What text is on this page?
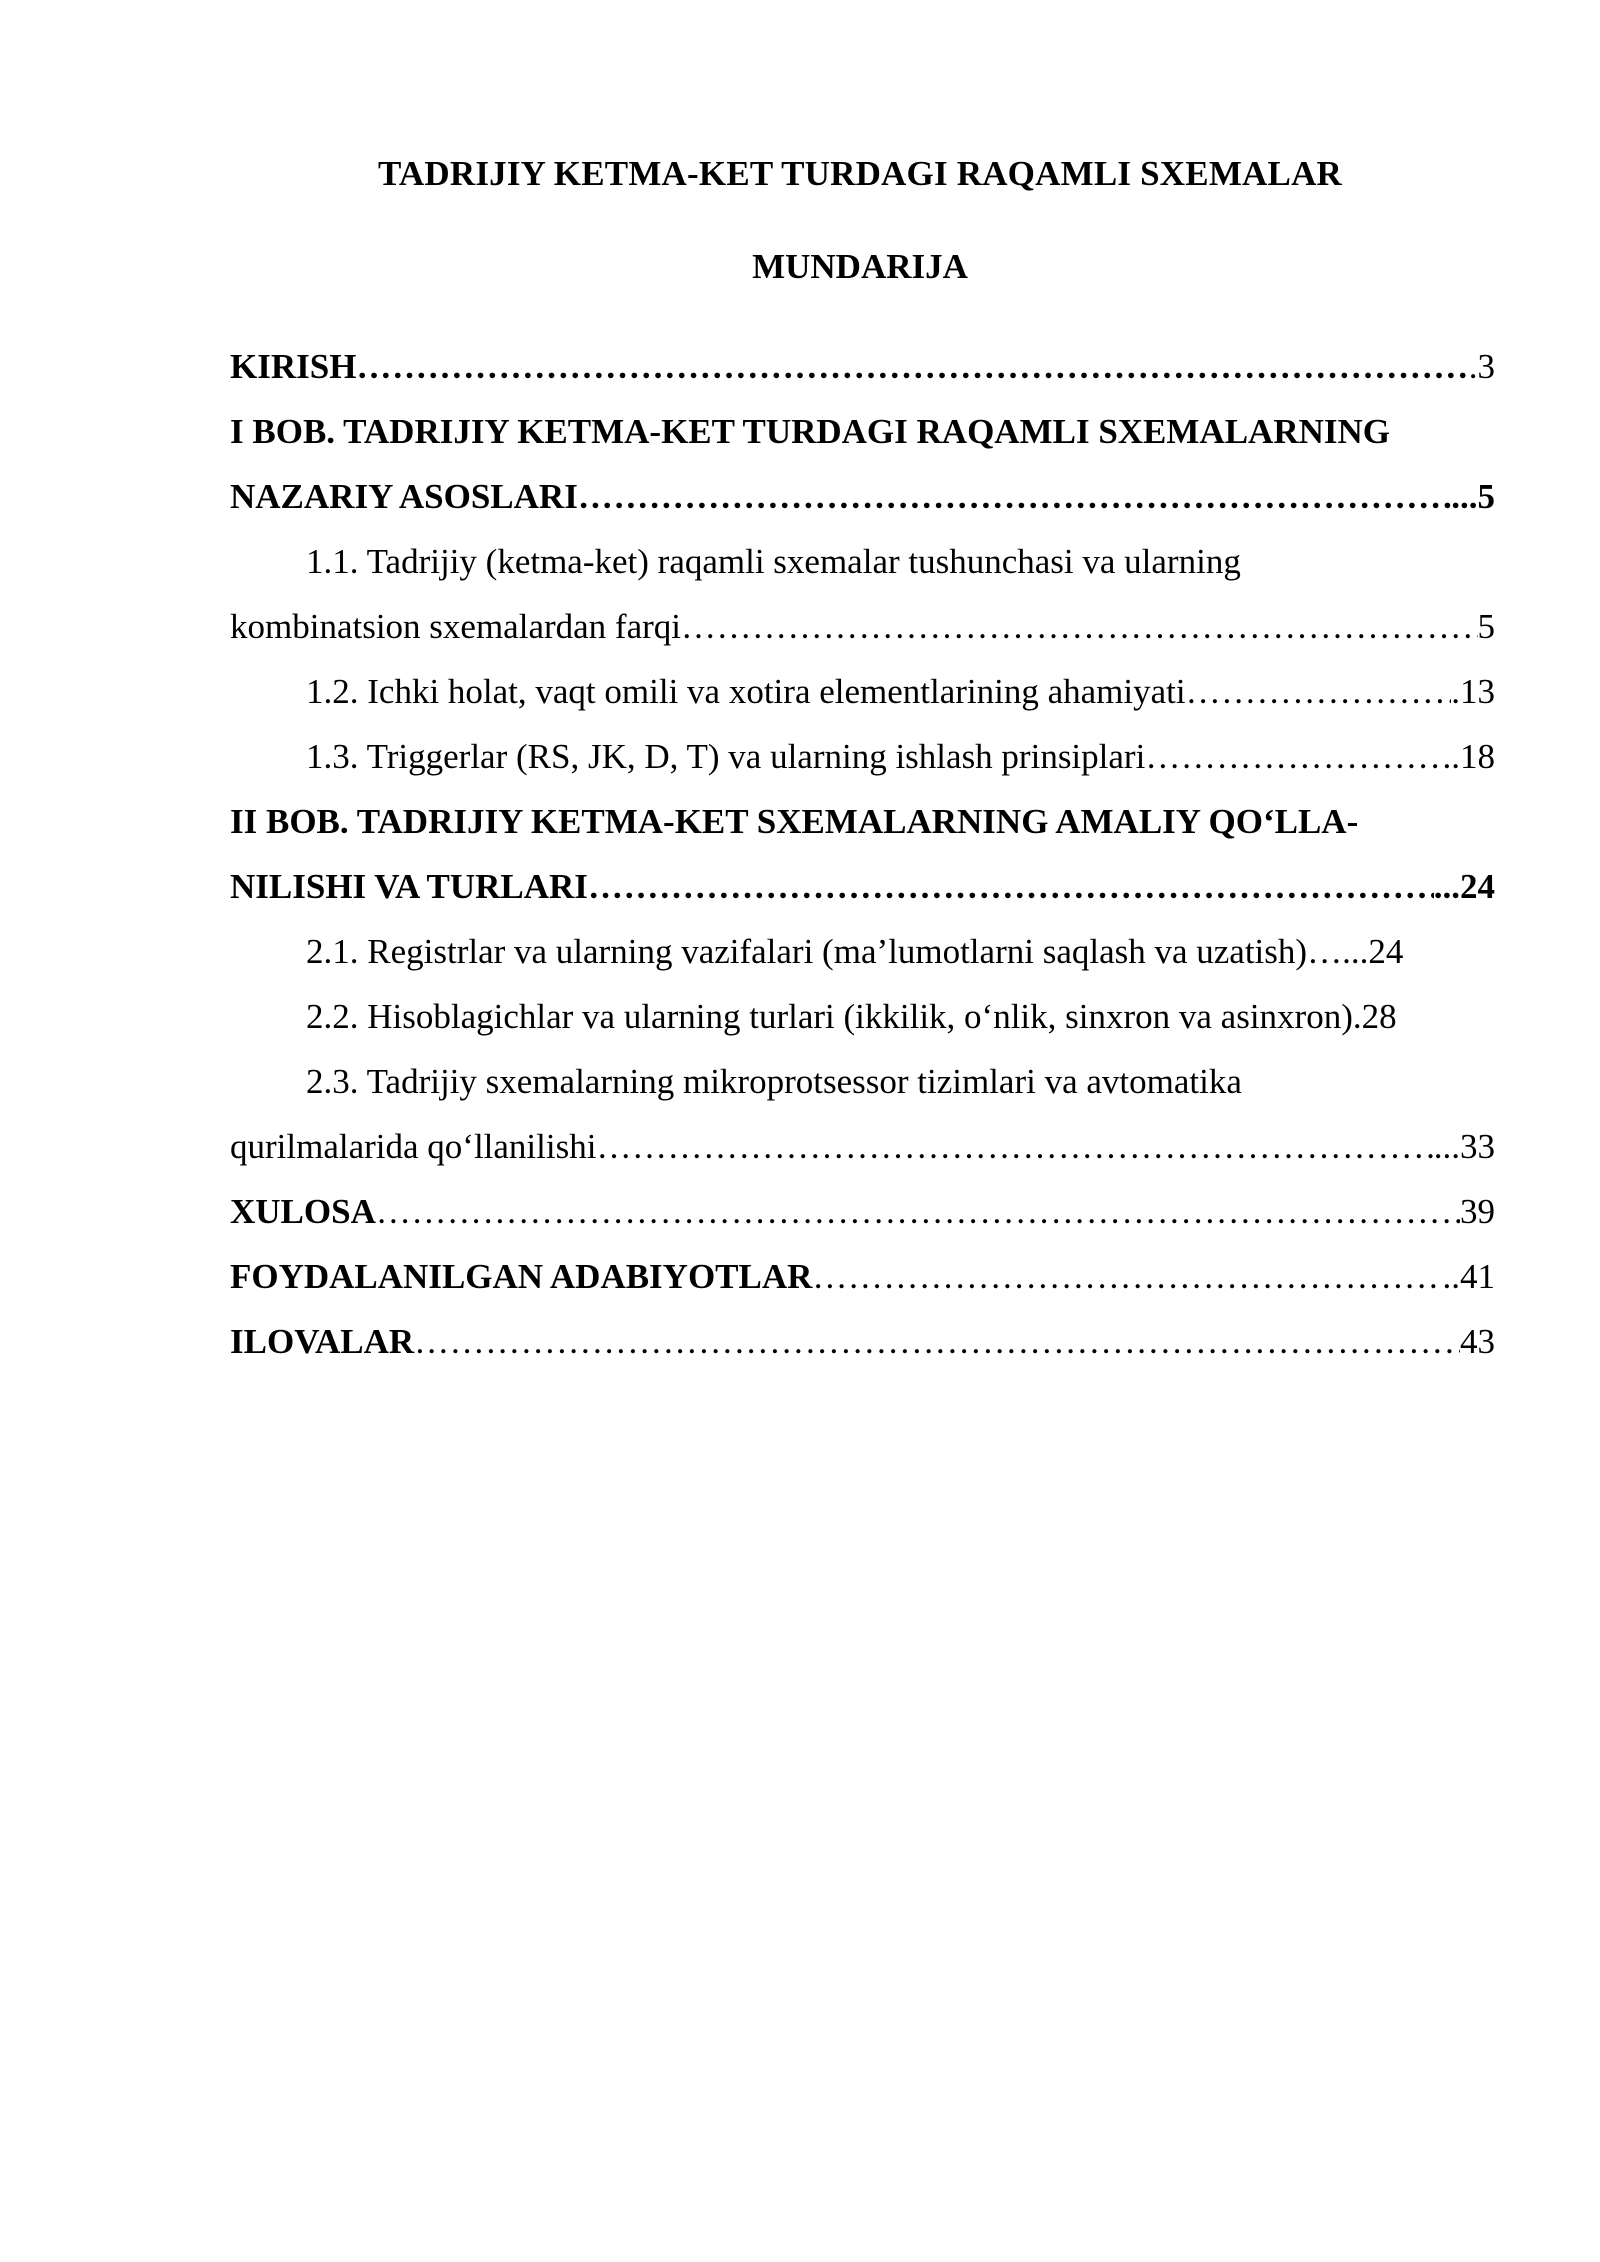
TADRIJIY KETMA-KET TURDAGI RAQAMLI SXEMALAR
MUNDARIJA
KIRISH ………………………………………………………………………………………………………………………………………………………………………………………………………………	.3
I BOB. TADRIJIY KETMA-KET TURDAGI RAQAMLI SXEMALARNING
NAZARIY ASOSLARI ………………………………………………………………………………………………………………………………………………………………………………………………………………	...5
1.1. Tadrijiy (ketma-ket) raqamli sxemalar tushunchasi va ularning
kombinatsion sxemalardan farqi ………………………………………………………………………………………………………………………………………………………………………………………………………………	5
1.2. Ichki holat, vaqt omili va xotira elementlarining ahamiyati ………………………………………………………………………………………………………………………………………………………………………………………………………………	.13
1.3. Triggerlar (RS, JK, D, T) va ularning ishlash prinsiplari ………………………………………………………………………………………………………………………………………………………………………………………………………………	.18
II BOB. TADRIJIY KETMA-KET SXEMALARNING AMALIY QO‘LLA-
NILISHI VA TURLARI ………………………………………………………………………………………………………………………………………………………………………………………………………………	...24
2.1. Registrlar va ularning vazifalari (ma’lumotlarni saqlash va uzatish) …...24
2.2. Hisoblagichlar va ularning turlari (ikkilik, o‘nlik, sinxron va asinxron).28
2.3. Tadrijiy sxemalarning mikroprotsessor tizimlari va avtomatika
qurilmalarida qo‘llanilishi ………………………………………………………………………………………………………………………………………………………………………………………………………………	...33
XULOSA ………………………………………………………………………………………………………………………………………………………………………………………………………………	39
FOYDALANILGAN ADABIYOTLAR ………………………………………………………………………………………………………………………………………………………………………………………………………………	..41
ILOVALAR ………………………………………………………………………………………………………………………………………………………………………………………………………………	43
